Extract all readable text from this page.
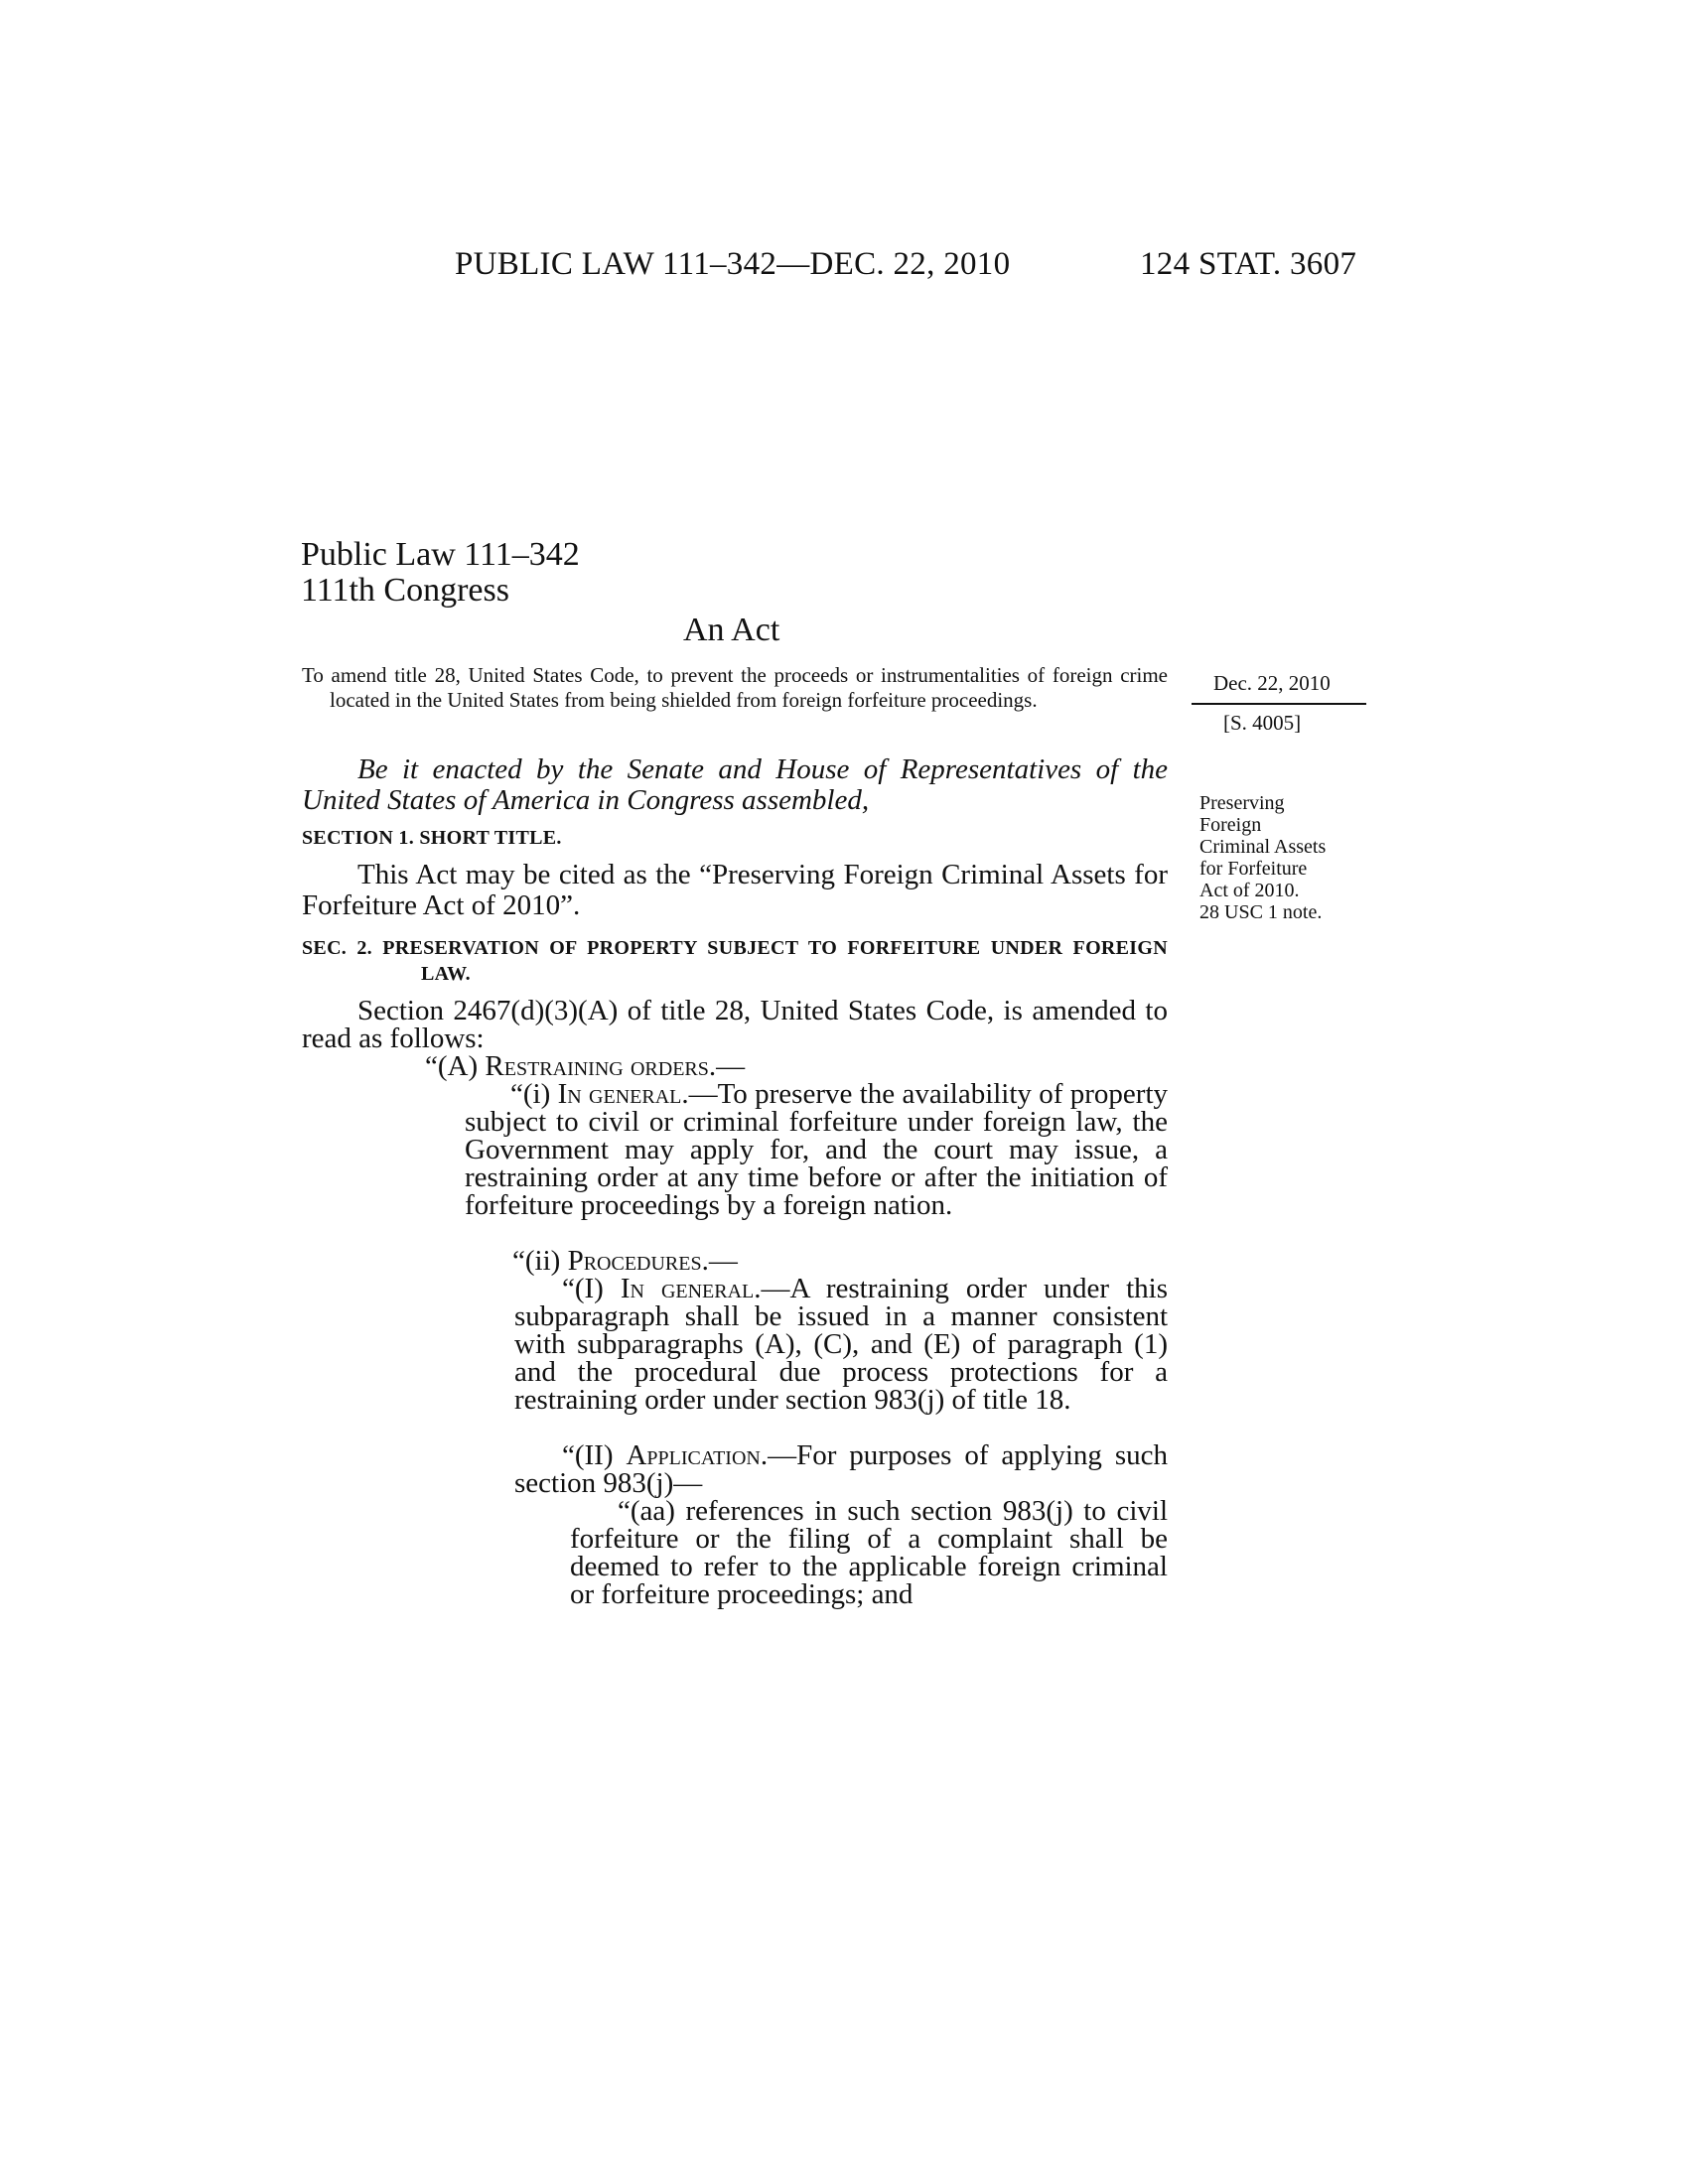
PUBLIC LAW 111–342—DEC. 22, 2010	124 STAT. 3607
Public Law 111–342
111th Congress
An Act
To amend title 28, United States Code, to prevent the proceeds or instrumentalities of foreign crime located in the United States from being shielded from foreign forfeiture proceedings.
Be it enacted by the Senate and House of Representatives of the United States of America in Congress assembled,
SECTION 1. SHORT TITLE.
This Act may be cited as the “Preserving Foreign Criminal Assets for Forfeiture Act of 2010”.
SEC. 2. PRESERVATION OF PROPERTY SUBJECT TO FORFEITURE UNDER FOREIGN LAW.
Section 2467(d)(3)(A) of title 28, United States Code, is amended to read as follows:
“(A) Restraining orders.—
“(i) In general.—To preserve the availability of property subject to civil or criminal forfeiture under foreign law, the Government may apply for, and the court may issue, a restraining order at any time before or after the initiation of forfeiture proceedings by a foreign nation.
“(ii) Procedures.—
“(I) In general.—A restraining order under this subparagraph shall be issued in a manner consistent with subparagraphs (A), (C), and (E) of paragraph (1) and the procedural due process protections for a restraining order under section 983(j) of title 18.
“(II) Application.—For purposes of applying such section 983(j)—
“(aa) references in such section 983(j) to civil forfeiture or the filing of a complaint shall be deemed to refer to the applicable foreign criminal or forfeiture proceedings; and
Dec. 22, 2010
[S. 4005]
Preserving
Foreign
Criminal Assets
for Forfeiture
Act of 2010.
28 USC 1 note.
